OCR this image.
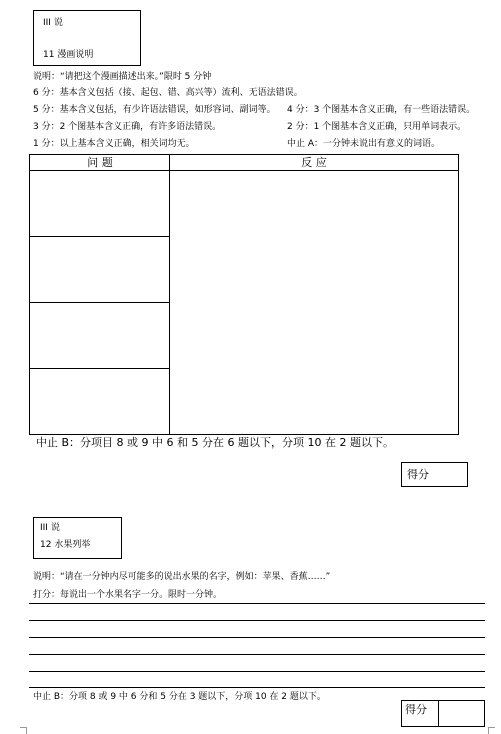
III 说
11 漫画说明
说明：“请把这个漫画描述出来。”限时 5 分钟
6 分：基本含义包括（接、起包、错、高兴等）流利、无语法错误。
5 分：基本含义包括，有少许语法错误，如形容词、副词等。 4 分：3 个图基本含义正确，有一些语法错误。
3 分：2 个图基本含义正确，有许多语法错误。	2 分：1 个图基本含义正确，只用单词表示。
1 分：以上基本含义正确，相关词均无。	中止 A：一分钟未说出有意义的词语。
问 题	反 应
中止 B：分项目 8 或 9 中 6 和 5 分在 6 题以下，分项 10 在 2 题以下。
得分
III 说
12 水果列举
说明：“请在一分钟内尽可能多的说出水果的名字，例如：苹果、香蕉……”
打分：每说出一个水果名字一分。限时一分钟。
中止 B：分项 8 或 9 中 6 分和 5 分在 3 题以下，分项 10 在 2 题以下。
得分
